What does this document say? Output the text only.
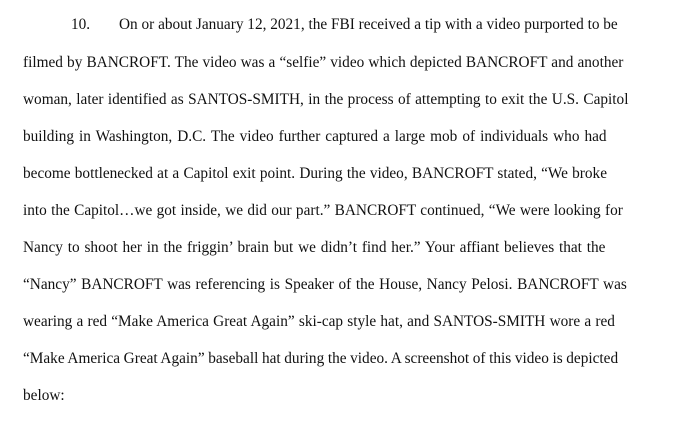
10. On or about January 12, 2021, the FBI received a tip with a video purported to be
filmed by BANCROFT. The video was a “selfie” video which depicted BANCROFT and another
woman, later identified as SANTOS-SMITH, in the process of attempting to exit the U.S. Capitol
building in Washington, D.C. The video further captured a large mob of individuals who had
become bottlenecked at a Capitol exit point. During the video, BANCROFT stated, “We broke
into the Capitol…we got inside, we did our part.” BANCROFT continued, “We were looking for
Nancy to shoot her in the friggin’ brain but we didn’t find her.” Your affiant believes that the
“Nancy” BANCROFT was referencing is Speaker of the House, Nancy Pelosi. BANCROFT was
wearing a red “Make America Great Again” ski-cap style hat, and SANTOS-SMITH wore a red
“Make America Great Again” baseball hat during the video. A screenshot of this video is depicted
below:
